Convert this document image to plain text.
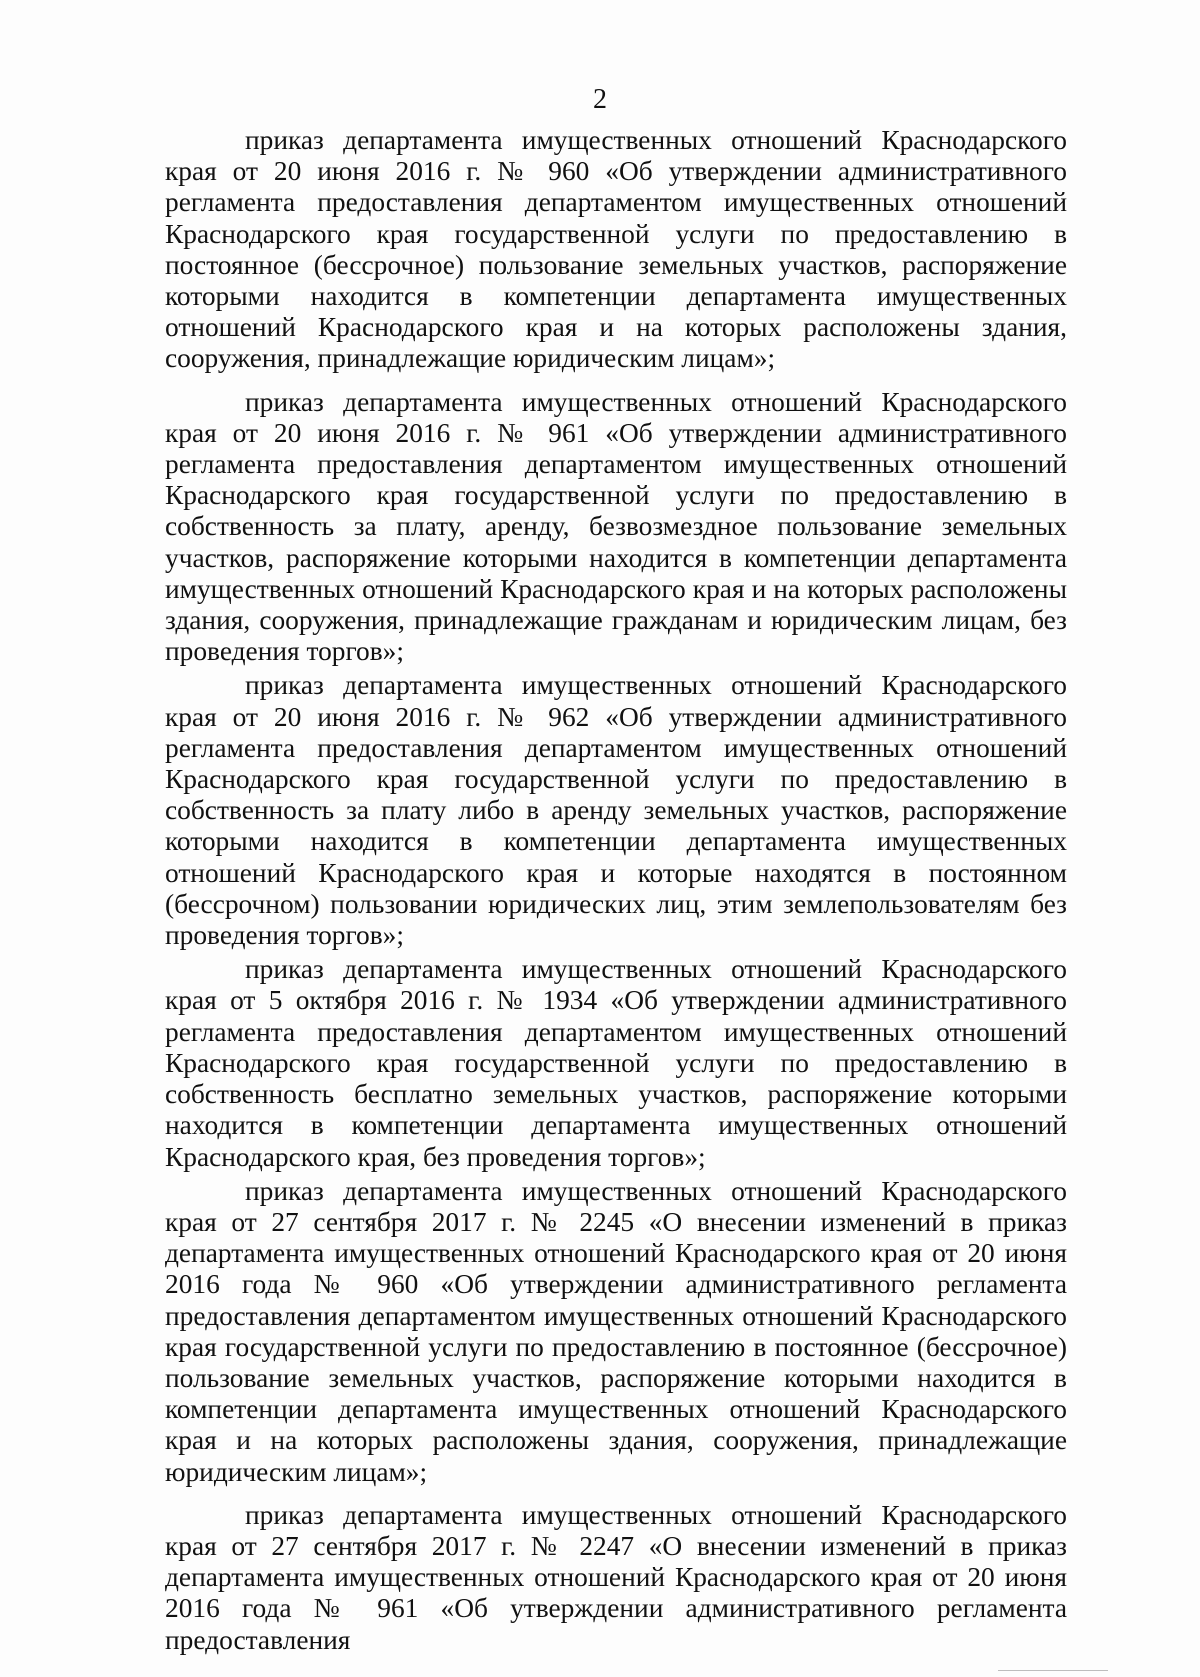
2

приказ департамента имущественных отношений Краснодарского края от 20 июня 2016 г. № 960 «Об утверждении административного регламента предоставления департаментом имущественных отношений Краснодарского края государственной услуги по предоставлению в постоянное (бессрочное) пользование земельных участков, распоряжение которыми находится в компетенции департамента имущественных отношений Краснодарского края и на которых расположены здания, сооружения, принадлежащие юридическим лицам»;

приказ департамента имущественных отношений Краснодарского края от 20 июня 2016 г. № 961 «Об утверждении административного регламента предоставления департаментом имущественных отношений Краснодарского края государственной услуги по предоставлению в собственность за плату, аренду, безвозмездное пользование земельных участков, распоряжение которыми находится в компетенции департамента имущественных отношений Краснодарского края и на которых расположены здания, сооружения, принадлежащие гражданам и юридическим лицам, без проведения торгов»;

приказ департамента имущественных отношений Краснодарского края от 20 июня 2016 г. № 962 «Об утверждении административного регламента предоставления департаментом имущественных отношений Краснодарского края государственной услуги по предоставлению в собственность за плату либо в аренду земельных участков, распоряжение которыми находится в компетенции департамента имущественных отношений Краснодарского края и которые находятся в постоянном (бессрочном) пользовании юридических лиц, этим землепользователям без проведения торгов»;

приказ департамента имущественных отношений Краснодарского края от 5 октября 2016 г. № 1934 «Об утверждении административного регламента предоставления департаментом имущественных отношений Краснодарского края государственной услуги по предоставлению в собственность бесплатно земельных участков, распоряжение которыми находится в компетенции департамента имущественных отношений Краснодарского края, без проведения торгов»;

приказ департамента имущественных отношений Краснодарского края от 27 сентября 2017 г. № 2245 «О внесении изменений в приказ департамента имущественных отношений Краснодарского края от 20 июня 2016 года № 960 «Об утверждении административного регламента предоставления департаментом имущественных отношений Краснодарского края государственной услуги по предоставлению в постоянное (бессрочное) пользование земельных участков, распоряжение которыми находится в компетенции департамента имущественных отношений Краснодарского края и на которых расположены здания, сооружения, принадлежащие юридическим лицам»;

приказ департамента имущественных отношений Краснодарского края от 27 сентября 2017 г. № 2247 «О внесении изменений в приказ департамента имущественных отношений Краснодарского края от 20 июня 2016 года № 961 «Об утверждении административного регламента предоставления
